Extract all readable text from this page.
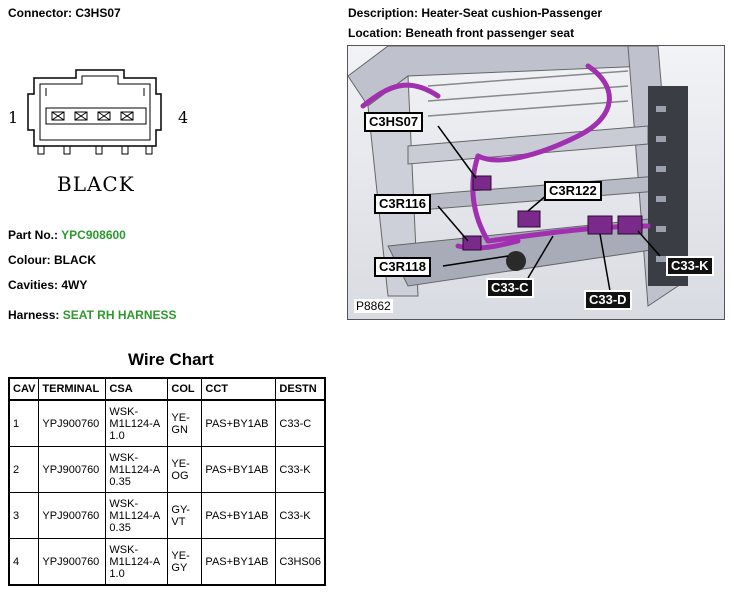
Connector: C3HS07	Description: Heater-Seat cushion-Passenger
Location: Beneath front passenger seat
1	4
BLACK
Part No.: YPC908600
Colour: BLACK
Cavities: 4WY
Harness: SEAT RH HARNESS
C3HS07
C3R122
C3R116
C3R118
C33-C
C33-D
C33-K
P8862
Wire Chart
CAV	TERMINAL	CSA	COL	CCT	DESTN
1	YPJ900760	WSK-M1L124-A 1.0	YE-GN	PAS+BY1AB	C33-C
2	YPJ900760	WSK-M1L124-A 0.35	YE-OG	PAS+BY1AB	C33-K
3	YPJ900760	WSK-M1L124-A 0.35	GY-VT	PAS+BY1AB	C33-K
4	YPJ900760	WSK-M1L124-A 1.0	YE-GY	PAS+BY1AB	C3HS06
